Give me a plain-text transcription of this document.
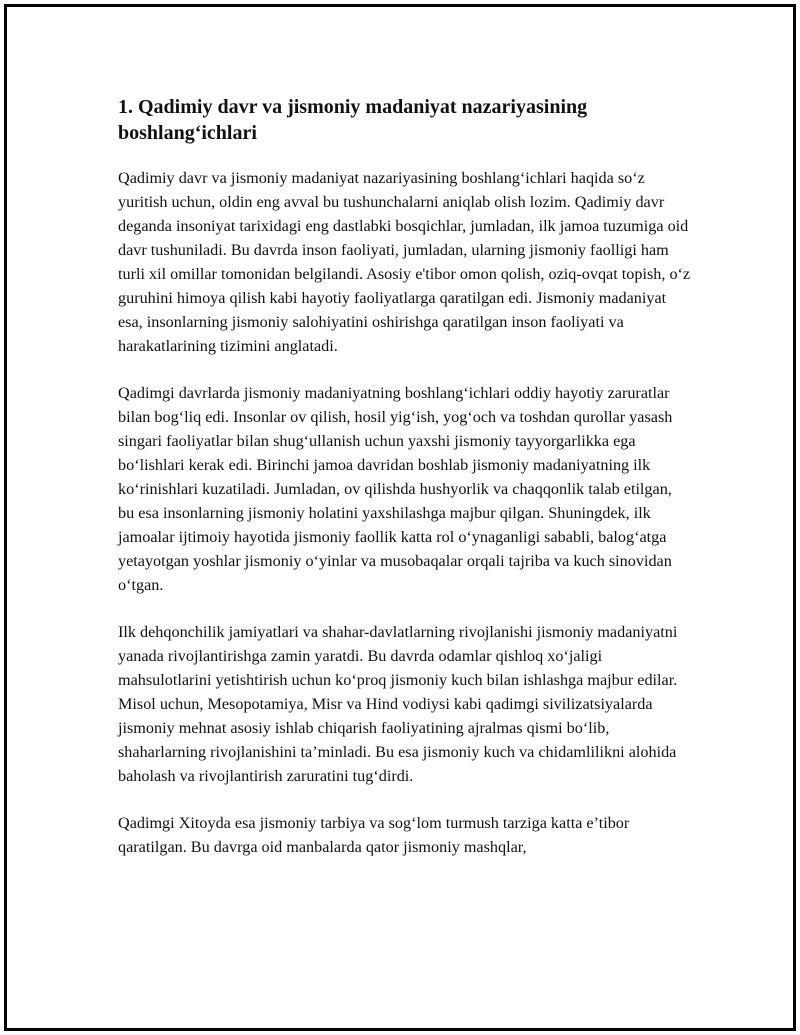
1. Qadimiy davr va jismoniy madaniyat nazariyasining boshlang‘ichlari

Qadimiy davr va jismoniy madaniyat nazariyasining boshlang‘ichlari haqida so‘z yuritish uchun, oldin eng avval bu tushunchalarni aniqlab olish lozim. Qadimiy davr deganda insoniyat tarixidagi eng dastlabki bosqichlar, jumladan, ilk jamoa tuzumiga oid davr tushuniladi. Bu davrda inson faoliyati, jumladan, ularning jismoniy faolligi ham turli xil omillar tomonidan belgilandi. Asosiy e'tibor omon qolish, oziq-ovqat topish, o‘z guruhini himoya qilish kabi hayotiy faoliyatlarga qaratilgan edi. Jismoniy madaniyat esa, insonlarning jismoniy salohiyatini oshirishga qaratilgan inson faoliyati va harakatlarining tizimini anglatadi.

Qadimgi davrlarda jismoniy madaniyatning boshlang‘ichlari oddiy hayotiy zaruratlar bilan bog‘liq edi. Insonlar ov qilish, hosil yig‘ish, yog‘och va toshdan qurollar yasash singari faoliyatlar bilan shug‘ullanish uchun yaxshi jismoniy tayyorgarlikka ega bo‘lishlari kerak edi. Birinchi jamoa davridan boshlab jismoniy madaniyatning ilk ko‘rinishlari kuzatiladi. Jumladan, ov qilishda hushyorlik va chaqqonlik talab etilgan, bu esa insonlarning jismoniy holatini yaxshilashga majbur qilgan. Shuningdek, ilk jamoalar ijtimoiy hayotida jismoniy faollik katta rol o‘ynaganligi sababli, balog‘atga yetayotgan yoshlar jismoniy o‘yinlar va musobaqalar orqali tajriba va kuch sinovidan o‘tgan.

Ilk dehqonchilik jamiyatlari va shahar-davlatlarning rivojlanishi jismoniy madaniyatni yanada rivojlantirishga zamin yaratdi. Bu davrda odamlar qishloq xo‘jaligi mahsulotlarini yetishtirish uchun ko‘proq jismoniy kuch bilan ishlashga majbur edilar. Misol uchun, Mesopotamiya, Misr va Hind vodiysi kabi qadimgi sivilizatsiyalarda jismoniy mehnat asosiy ishlab chiqarish faoliyatining ajralmas qismi bo‘lib, shaharlarning rivojlanishini ta’minladi. Bu esa jismoniy kuch va chidamlilikni alohida baholash va rivojlantirish zaruratini tug‘dirdi.

Qadimgi Xitoyda esa jismoniy tarbiya va sog‘lom turmush tarziga katta e’tibor qaratilgan. Bu davrga oid manbalarda qator jismoniy mashqlar,
